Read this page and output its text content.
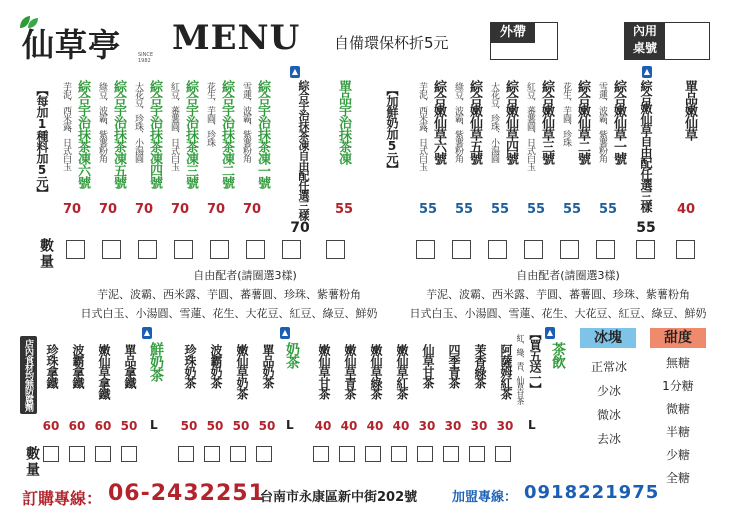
仙草亭	SINCE 1982
MENU 自備環保杯折5元
外帶	內用
桌號
【每加1種料加5元】 芋泥、西米露、日式白玉 綜合宇治抹茶凍六號
70
綠豆、波霸、紫薯粉角 綜合宇治抹茶凍五號
70
大花豆、珍珠、小湯圓 綜合宇治抹茶凍四號
70
紅豆、蕃薯圓、日式白玉 綜合宇治抹茶凍三號
70
花生、芋圓、珍珠 綜合宇治抹茶凍二號
70
雪蓮、波霸、紫薯粉角 綜合宇治抹茶凍一號
70
▲
綜合宇治抹茶凍自由配任選三樣
70
單品宇治抹茶凍
55
【加鮮奶加5元】 芋泥、西米露、日式白玉 綜合嫩仙草六號
55
綠豆、波霸、紫薯粉角 綜合嫩仙草五號
55
大花豆、珍珠、小湯圓 綜合嫩仙草四號
55
紅豆、蕃薯圓、日式白玉 綜合嫩仙草三號
55
花生、芋圓、珍珠 綜合嫩仙草二號
55
雪蓮、波霸、紫薯粉角 綜合嫩仙草一號
55
▲
綜合嫩仙草自由配任選三樣
55
單品嫩仙草
40
數量
自由配者(請圈選3樣)
芋泥、波霸、西米露、芋圓、蕃薯圓、珍珠、紫薯粉角
日式白玉、小湯圓、雪蓮、花生、大花豆、紅豆、綠豆、鮮奶
自由配者(請圈選3樣)
芋泥、波霸、西米露、芋圓、蕃薯圓、珍珠、紫薯粉角
日式白玉、小湯圓、雪蓮、花生、大花豆、紅豆、綠豆、鮮奶
店內食材均無防腐劑
▲
鮮奶茶
珍珠拿鐵
60
波霸拿鐵
60
嫩仙草拿鐵
60
單品拿鐵
50
▲
奶茶
珍珠奶茶
50
波霸奶茶
50
嫩仙草奶茶
50
單品奶茶
50
▲
茶飲
【買五送一】
紅、綠、青、仙草甘茶
嫩仙草甘茶
40
嫩仙草青茶
40
嫩仙草綠茶
40
嫩仙草紅茶
40
仙草甘茶
30
四季青茶
30
茉香綠茶
30
阿薩姆紅茶
30
L	L	L
冰塊
正常冰
少冰
微冰
去冰
甜度
無糖
1分糖
微糖
半糖
少糖
全糖
數量
訂購專線： 06-2432251
台南市永康區新中街202號	加盟專線： 0918221975
